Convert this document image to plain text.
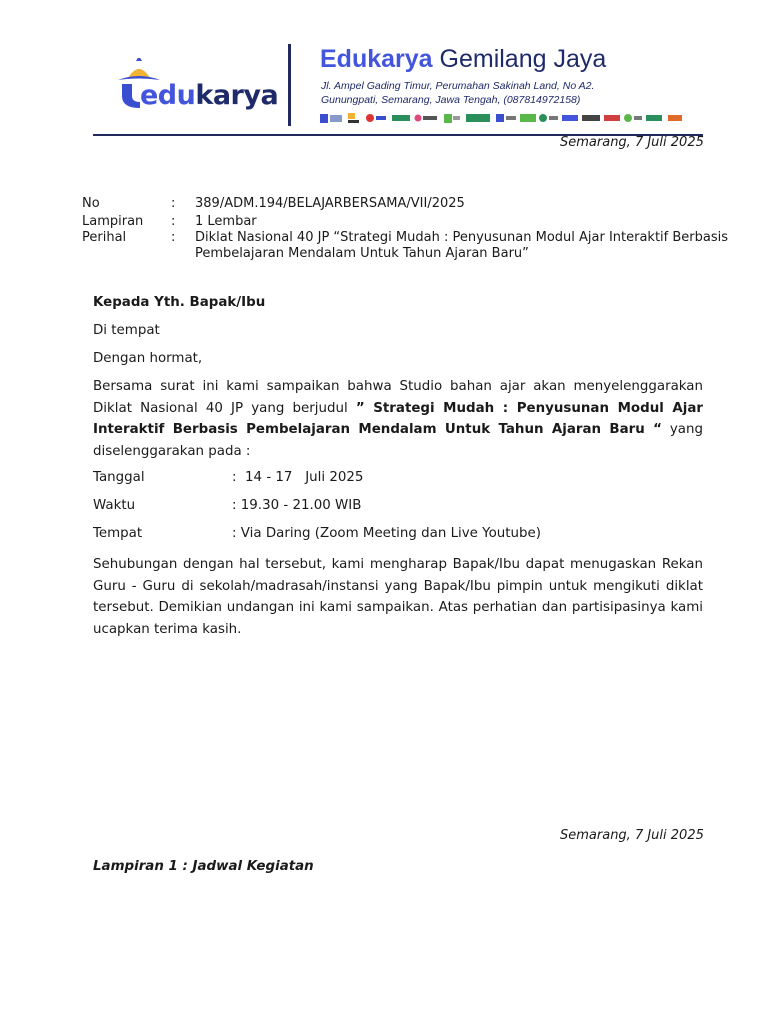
edukarya
Edukarya Gemilang Jaya
Jl. Ampel Gading Timur, Perumahan Sakinah Land, No A2.
Gunungpati, Semarang, Jawa Tengah, (087814972158)
Semarang, 7 Juli 2025
No	: 389/ADM.194/BELAJARBERSAMA/VII/2025
Lampiran : 1 Lembar
Perihal	: Diklat Nasional 40 JP “Strategi Mudah : Penyusunan Modul Ajar Interaktif Berbasis
Pembelajaran Mendalam Untuk Tahun Ajaran Baru”
Kepada Yth. Bapak/Ibu
Di tempat
Dengan hormat,
Bersama surat ini kami sampaikan bahwa Studio bahan ajar akan menyelenggarakan Diklat Nasional 40 JP yang berjudul ” Strategi Mudah : Penyusunan Modul Ajar Interaktif Berbasis Pembelajaran Mendalam Untuk Tahun Ajaran Baru “ yang diselenggarakan pada :
Tanggal	:  14 - 17   Juli 2025
Waktu	: 19.30 - 21.00 WIB
Tempat	: Via Daring (Zoom Meeting dan Live Youtube)
Sehubungan dengan hal tersebut, kami mengharap Bapak/Ibu dapat menugaskan Rekan Guru - Guru di sekolah/madrasah/instansi yang Bapak/Ibu pimpin untuk mengikuti diklat tersebut. Demikian undangan ini kami sampaikan. Atas perhatian dan partisipasinya kami ucapkan terima kasih.
Semarang, 7 Juli 2025
Lampiran 1 : Jadwal Kegiatan
